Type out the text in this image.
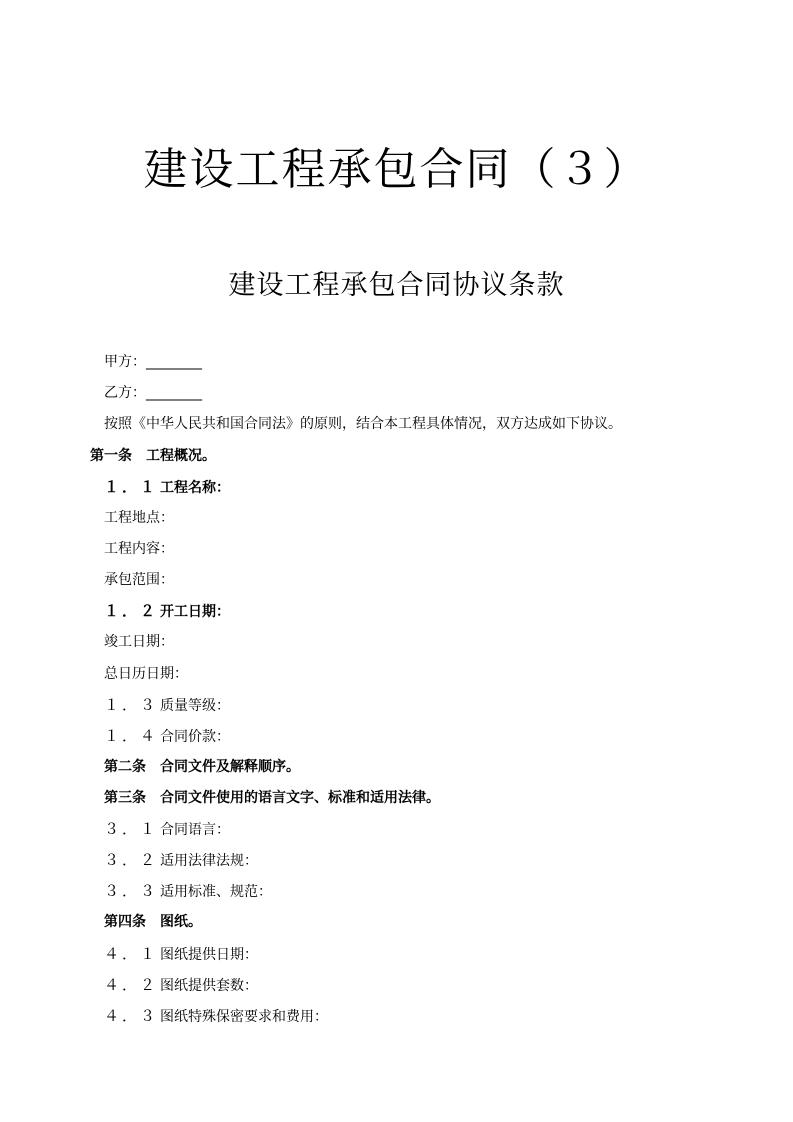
建设工程承包合同（３）
建设工程承包合同协议条款
甲方：________
乙方：________
按照《中华人民共和国合同法》的原则，结合本工程具体情况，双方达成如下协议。
第一条 工程概况。
１．１ 工程名称：
工程地点：
工程内容：
承包范围：
１．２ 开工日期：
竣工日期：
总日历日期：
１．３ 质量等级：
１．４ 合同价款：
第二条 合同文件及解释顺序。
第三条 合同文件使用的语言文字、标准和适用法律。
３．１ 合同语言：
３．２ 适用法律法规：
３．３ 适用标准、规范：
第四条 图纸。
４．１ 图纸提供日期：
４．２ 图纸提供套数：
４．３ 图纸特殊保密要求和费用：
